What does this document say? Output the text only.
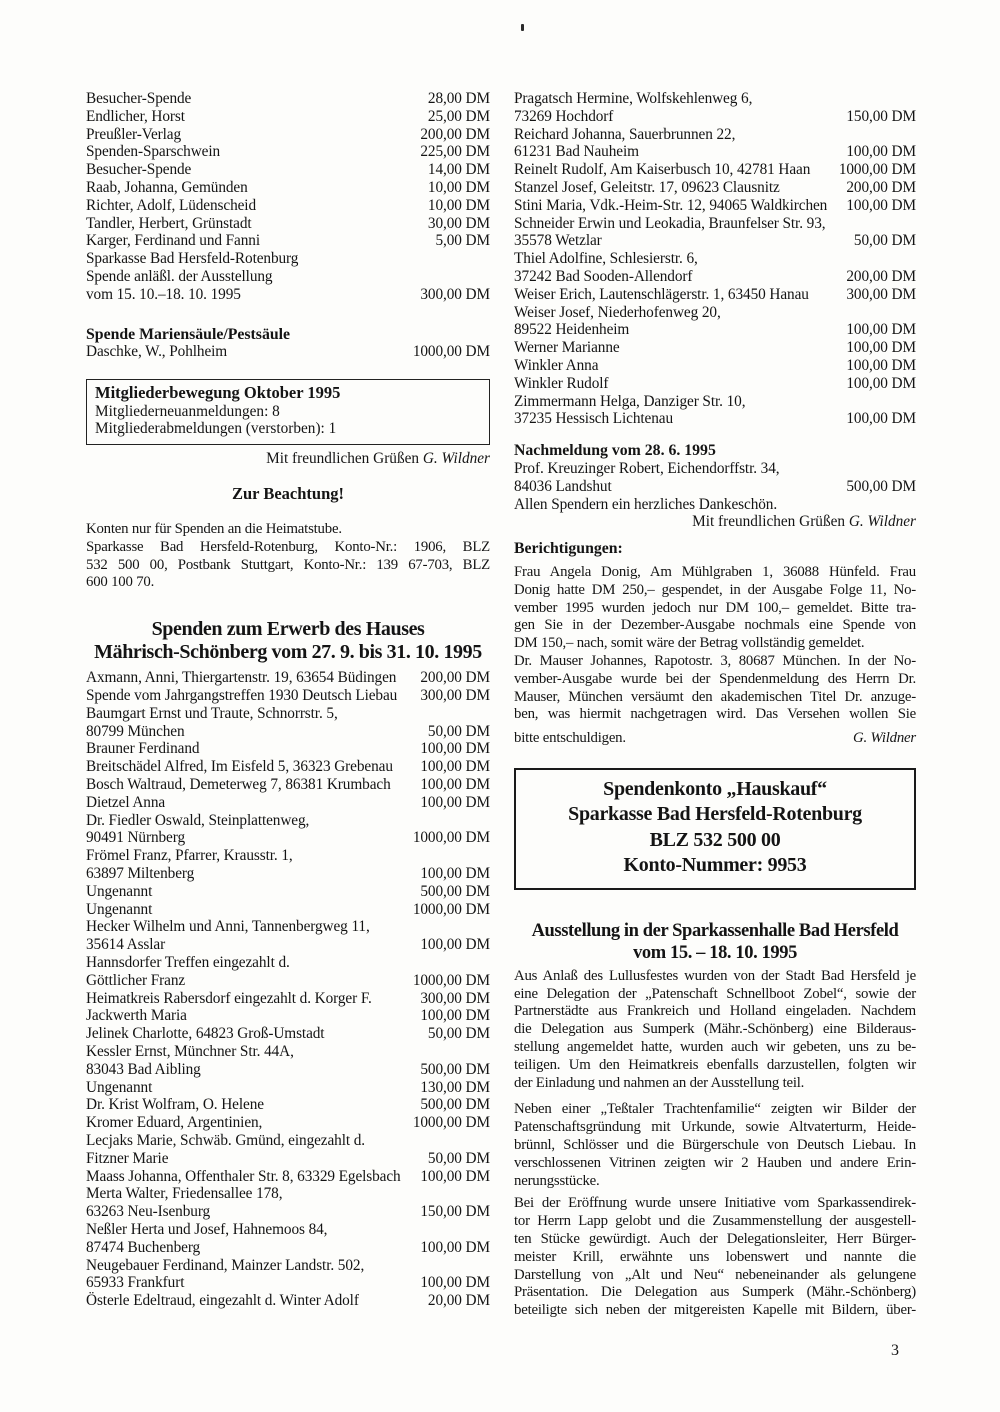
Besucher-Spende	28,00 DM
Endlicher, Horst	25,00 DM
Preußler-Verlag	200,00 DM
Spenden-Sparschwein	225,00 DM
Besucher-Spende	14,00 DM
Raab, Johanna, Gemünden	10,00 DM
Richter, Adolf, Lüdenscheid	10,00 DM
Tandler, Herbert, Grünstadt	30,00 DM
Karger, Ferdinand und Fanni	5,00 DM
Sparkasse Bad Hersfeld-Rotenburg
Spende anläßl. der Ausstellung
vom 15. 10.–18. 10. 1995	300,00 DM
Spende Mariensäule/Pestsäule
Daschke, W., Pohlheim	1000,00 DM
Mitgliederbewegung Oktober 1995
Mitgliederneuanmeldungen: 8
Mitgliederabmeldungen (verstorben): 1
Mit freundlichen Grüßen G. Wildner
Zur Beachtung!
Konten nur für Spenden an die Heimatstube.
Sparkasse Bad Hersfeld-Rotenburg, Konto-Nr.: 1906, BLZ
532 500 00, Postbank Stuttgart, Konto-Nr.: 139 67-703, BLZ
600 100 70.
Spenden zum Erwerb des Hauses
Mährisch-Schönberg vom 27. 9. bis 31. 10. 1995
Axmann, Anni, Thiergartenstr. 19, 63654 Büdingen 200,00 DM
Spende vom Jahrgangstreffen 1930 Deutsch Liebau 300,00 DM
Baumgart Ernst und Traute, Schnorrstr. 5,
80799 München	50,00 DM
Brauner Ferdinand	100,00 DM
Breitschädel Alfred, Im Eisfeld 5, 36323 Grebenau 100,00 DM
Bosch Waltraud, Demeterweg 7, 86381 Krumbach 100,00 DM
Dietzel Anna	100,00 DM
Dr. Fiedler Oswald, Steinplattenweg,
90491 Nürnberg	1000,00 DM
Frömel Franz, Pfarrer, Krausstr. 1,
63897 Miltenberg	100,00 DM
Ungenannt	500,00 DM
Ungenannt	1000,00 DM
Hecker Wilhelm und Anni, Tannenbergweg 11,
35614 Asslar	100,00 DM
Hannsdorfer Treffen eingezahlt d.
Göttlicher Franz	1000,00 DM
Heimatkreis Rabersdorf eingezahlt d. Korger F.	300,00 DM
Jackwerth Maria	100,00 DM
Jelinek Charlotte, 64823 Groß-Umstadt	50,00 DM
Kessler Ernst, Münchner Str. 44A,
83043 Bad Aibling	500,00 DM
Ungenannt	130,00 DM
Dr. Krist Wolfram, O. Helene	500,00 DM
Kromer Eduard, Argentinien,	1000,00 DM
Lecjaks Marie, Schwäb. Gmünd, eingezahlt d.
Fitzner Marie	50,00 DM
Maass Johanna, Offenthaler Str. 8, 63329 Egelsbach 100,00 DM
Merta Walter, Friedensallee 178,
63263 Neu-Isenburg	150,00 DM
Neßler Herta und Josef, Hahnemoos 84,
87474 Buchenberg	100,00 DM
Neugebauer Ferdinand, Mainzer Landstr. 502,
65933 Frankfurt	100,00 DM
Österle Edeltraud, eingezahlt d. Winter Adolf	20,00 DM
Pragatsch Hermine, Wolfskehlenweg 6,
73269 Hochdorf	150,00 DM
Reichard Johanna, Sauerbrunnen 22,
61231 Bad Nauheim	100,00 DM
Reinelt Rudolf, Am Kaiserbusch 10, 42781 Haan 1000,00 DM
Stanzel Josef, Geleitstr. 17, 09623 Clausnitz	200,00 DM
Stini Maria, Vdk.-Heim-Str. 12, 94065 Waldkirchen 100,00 DM
Schneider Erwin und Leokadia, Braunfelser Str. 93,
35578 Wetzlar	50,00 DM
Thiel Adolfine, Schlesierstr. 6,
37242 Bad Sooden-Allendorf	200,00 DM
Weiser Erich, Lautenschlägerstr. 1, 63450 Hanau 300,00 DM
Weiser Josef, Niederhofenweg 20,
89522 Heidenheim	100,00 DM
Werner Marianne	100,00 DM
Winkler Anna	100,00 DM
Winkler Rudolf	100,00 DM
Zimmermann Helga, Danziger Str. 10,
37235 Hessisch Lichtenau	100,00 DM
Nachmeldung vom 28. 6. 1995
Prof. Kreuzinger Robert, Eichendorffstr. 34,
84036 Landshut	500,00 DM
Allen Spendern ein herzliches Dankeschön.
Mit freundlichen Grüßen G. Wildner
Berichtigungen:
Frau Angela Donig, Am Mühlgraben 1, 36088 Hünfeld. Frau
Donig hatte DM 250,– gespendet, in der Ausgabe Folge 11, No-
vember 1995 wurden jedoch nur DM 100,– gemeldet. Bitte tra-
gen Sie in der Dezember-Ausgabe nochmals eine Spende von
DM 150,– nach, somit wäre der Betrag vollständig gemeldet.
Dr. Mauser Johannes, Rapotostr. 3, 80687 München. In der No-
vember-Ausgabe wurde bei der Spendenmeldung des Herrn Dr.
Mauser, München versäumt den akademischen Titel Dr. anzuge-
ben, was hiermit nachgetragen wird. Das Versehen wollen Sie
bitte entschuldigen.	G. Wildner
Spendenkonto „Hauskauf“
Sparkasse Bad Hersfeld-Rotenburg
BLZ 532 500 00
Konto-Nummer: 9953
Ausstellung in der Sparkassenhalle Bad Hersfeld
vom 15. – 18. 10. 1995
Aus Anlaß des Lullusfestes wurden von der Stadt Bad Hersfeld je
eine Delegation der „Patenschaft Schnellboot Zobel“, sowie der
Partnerstädte aus Frankreich und Holland eingeladen. Nachdem
die Delegation aus Sumperk (Mähr.-Schönberg) eine Bilderaus-
stellung angemeldet hatte, wurden auch wir gebeten, uns zu be-
teiligen. Um den Heimatkreis ebenfalls darzustellen, folgten wir
der Einladung und nahmen an der Ausstellung teil.
Neben einer „Teßtaler Trachtenfamilie“ zeigten wir Bilder der
Patenschaftsgründung mit Urkunde, sowie Altvaterturm, Heide-
brünnl, Schlösser und die Bürgerschule von Deutsch Liebau. In
verschlossenen Vitrinen zeigten wir 2 Hauben und andere Erin-
nerungsstücke.
Bei der Eröffnung wurde unsere Initiative vom Sparkassendirek-
tor Herrn Lapp gelobt und die Zusammenstellung der ausgestell-
ten Stücke gewürdigt. Auch der Delegationsleiter, Herr Bürger-
meister Krill, erwähnte uns lobenswert und nannte die
Darstellung von „Alt und Neu“ nebeneinander als gelungene
Präsentation. Die Delegation aus Sumperk (Mähr.-Schönberg)
beteiligte sich neben der mitgereisten Kapelle mit Bildern, über-
3
